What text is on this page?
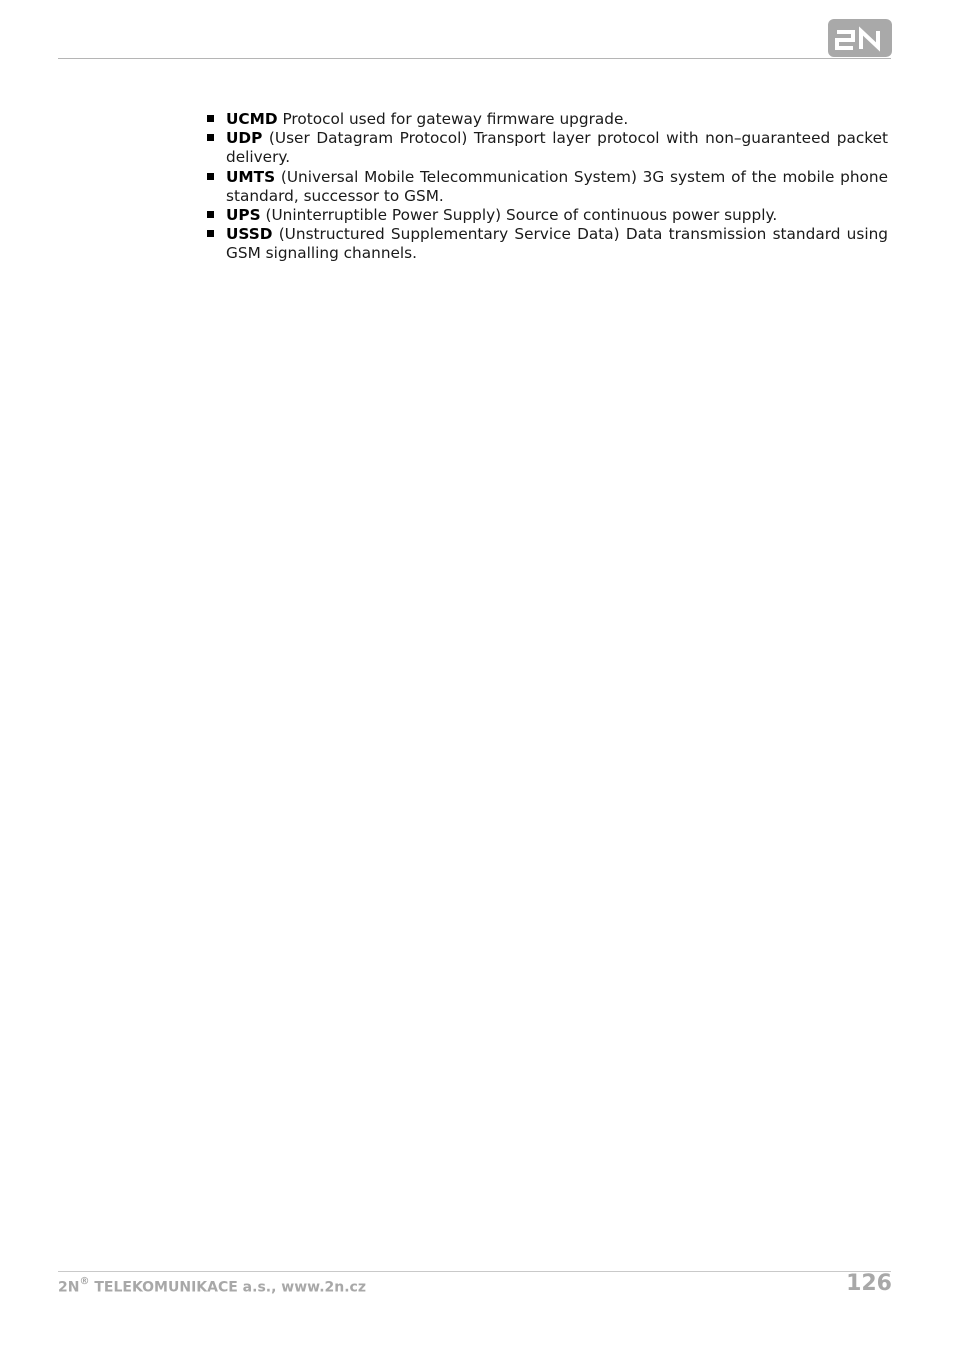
UCMD Protocol used for gateway firmware upgrade.
UDP (User Datagram Protocol) Transport layer protocol with non–guaranteed packet delivery.
UMTS (Universal Mobile Telecommunication System) 3G system of the mobile phone standard, successor to GSM.
UPS (Uninterruptible Power Supply) Source of continuous power supply.
USSD (Unstructured Supplementary Service Data) Data transmission standard using GSM signalling channels.
2N® TELEKOMUNIKACE a.s., www.2n.cz	126
